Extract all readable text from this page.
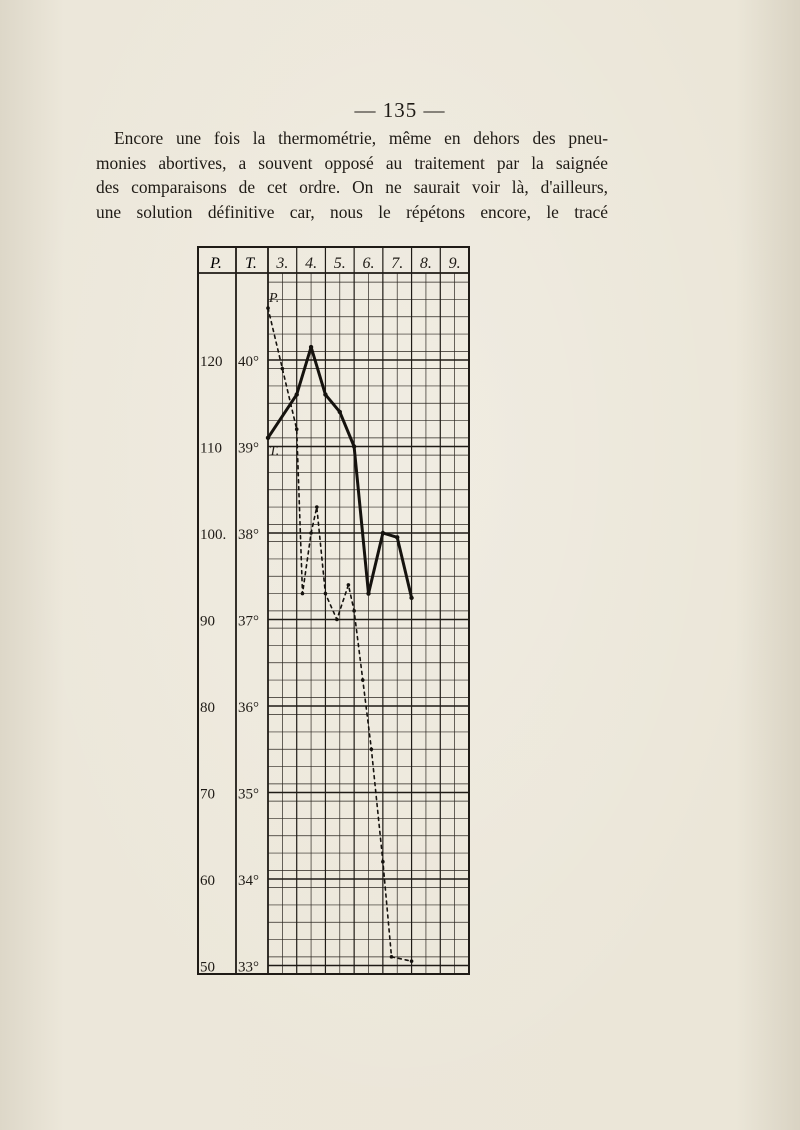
— 135 —
Encore une fois la thermométrie, même en dehors des pneu-
monies abortives, a souvent opposé au traitement par la saignée
des comparaisons de cet ordre. On ne saurait voir là, d'ailleurs,
une solution définitive car, nous le répétons encore, le tracé
P. T. 3. 4. 5. 6. 7. 8. 9.
120
110
100.
90
80
70
60
50
40°
39°
38°
37°
36°
35°
34°
33°
T.
P.
